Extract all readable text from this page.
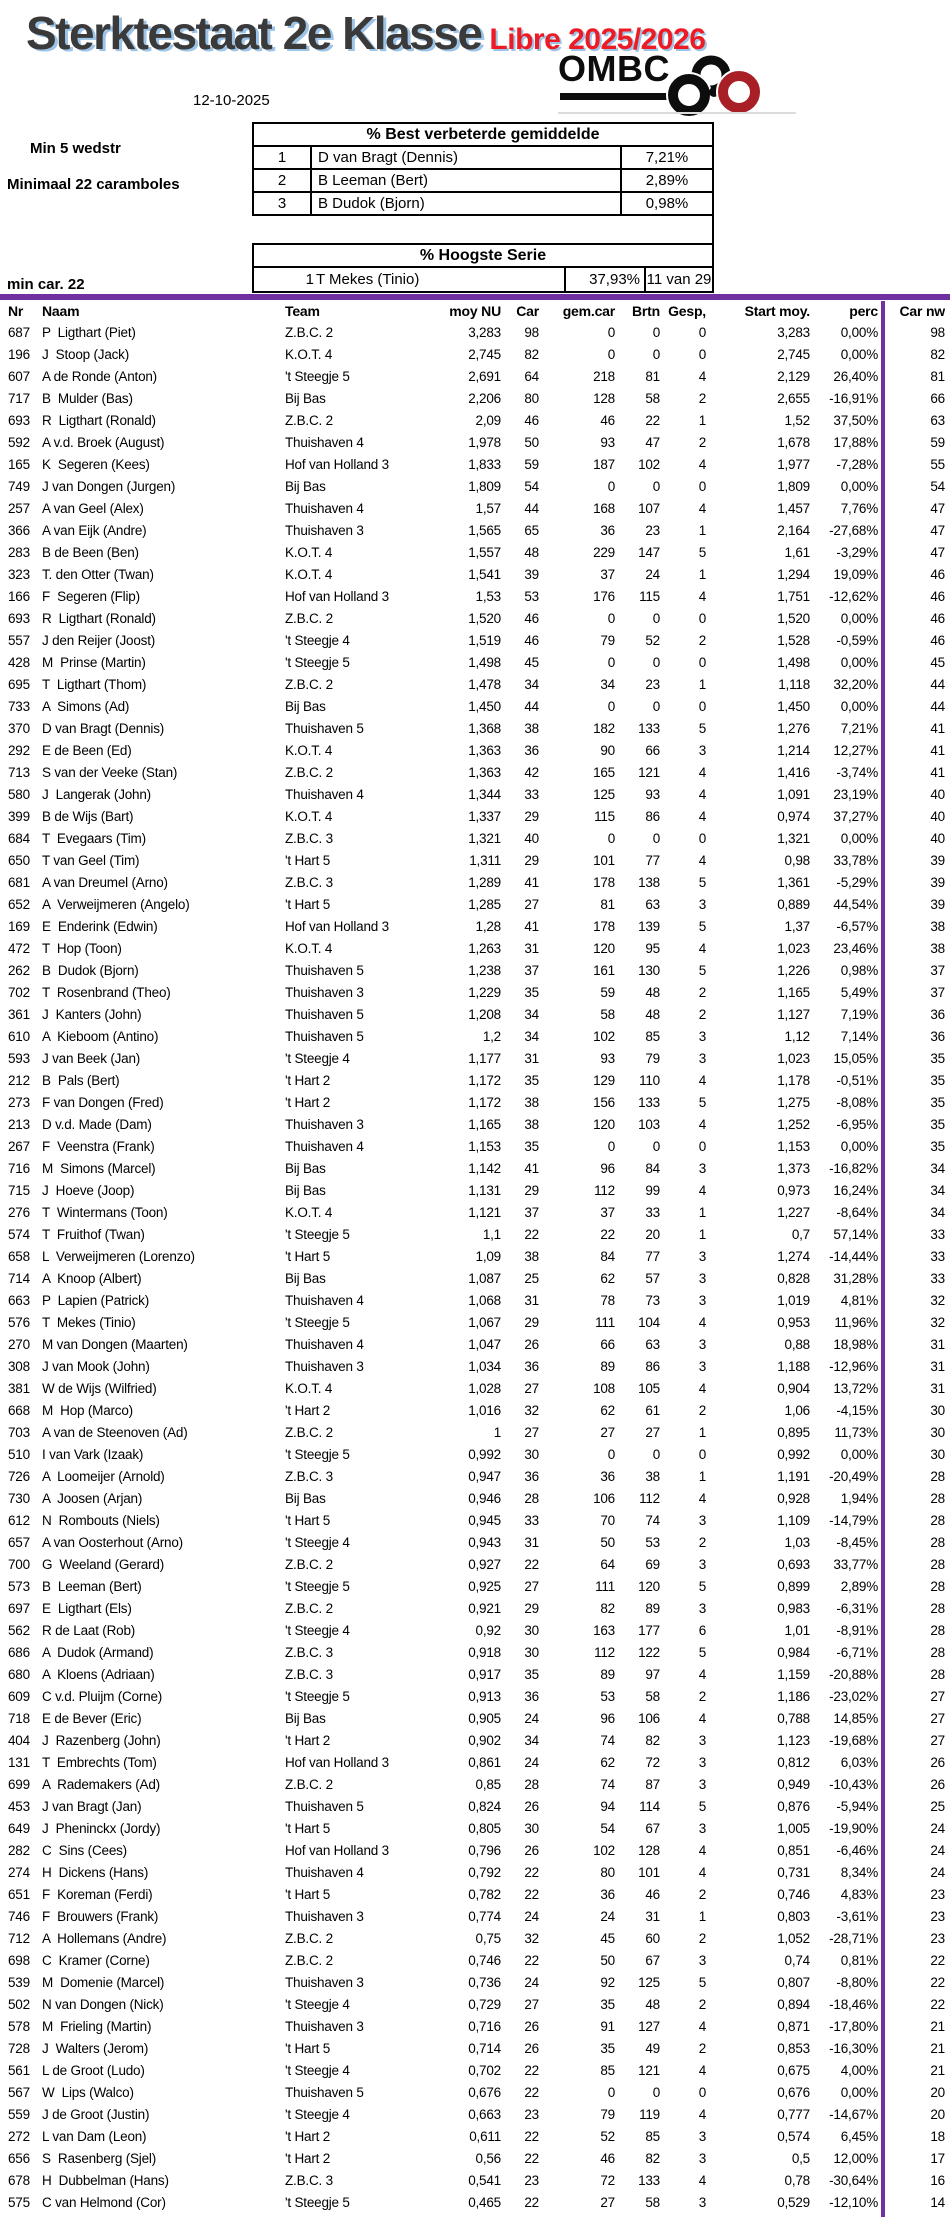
Sterktestaat 2e Klasse Libre 2025/2026
12-10-2025
Min 5 wedstr
Minimaal 22 caramboles
min car. 22
OMBC
% Best verbeterde gemiddelde
1	D van Bragt (Dennis)	7,21%
2	B Leeman (Bert)	2,89%
3	B Dudok (Bjorn)	0,98%
% Hoogste Serie
1 T Mekes (Tinio)	37,93% 11 van 29
Nr	Naam	Team	moy NU	Car	gem.car	Brtn Gesp,	Start moy.	perc	Car nw
687 P  Ligthart (Piet)	Z.B.C. 2	3,283	98	0	0	0	3,283	0,00%	98
196 J  Stoop (Jack)	K.O.T. 4	2,745	82	0	0	0	2,745	0,00%	82
607 A de Ronde (Anton)	't Steegje 5	2,691	64	218	81	4	2,129	26,40%	81
717 B  Mulder (Bas)	Bij Bas	2,206	80	128	58	2	2,655	-16,91%	66
693 R  Ligthart (Ronald)	Z.B.C. 2	2,09	46	46	22	1	1,52	37,50%	63
592 A v.d. Broek (August)	Thuishaven 4	1,978	50	93	47	2	1,678	17,88%	59
165 K  Segeren (Kees)	Hof van Holland 3	1,833	59	187	102	4	1,977	-7,28%	55
749 J van Dongen (Jurgen)	Bij Bas	1,809	54	0	0	0	1,809	0,00%	54
257 A van Geel (Alex)	Thuishaven 4	1,57	44	168	107	4	1,457	7,76%	47
366 A van Eijk (Andre)	Thuishaven 3	1,565	65	36	23	1	2,164	-27,68%	47
283 B de Been (Ben)	K.O.T. 4	1,557	48	229	147	5	1,61	-3,29%	47
323 T. den Otter (Twan)	K.O.T. 4	1,541	39	37	24	1	1,294	19,09%	46
166 F  Segeren (Flip)	Hof van Holland 3	1,53	53	176	115	4	1,751	-12,62%	46
693 R  Ligthart (Ronald)	Z.B.C. 2	1,520	46	0	0	0	1,520	0,00%	46
557 J den Reijer (Joost)	't Steegje 4	1,519	46	79	52	2	1,528	-0,59%	46
428 M  Prinse (Martin)	't Steegje 5	1,498	45	0	0	0	1,498	0,00%	45
695 T  Ligthart (Thom)	Z.B.C. 2	1,478	34	34	23	1	1,118	32,20%	44
733 A  Simons (Ad)	Bij Bas	1,450	44	0	0	0	1,450	0,00%	44
370 D van Bragt (Dennis)	Thuishaven 5	1,368	38	182	133	5	1,276	7,21%	41
292 E de Been (Ed)	K.O.T. 4	1,363	36	90	66	3	1,214	12,27%	41
713 S van der Veeke (Stan)	Z.B.C. 2	1,363	42	165	121	4	1,416	-3,74%	41
580 J  Langerak (John)	Thuishaven 4	1,344	33	125	93	4	1,091	23,19%	40
399 B de Wijs (Bart)	K.O.T. 4	1,337	29	115	86	4	0,974	37,27%	40
684 T  Evegaars (Tim)	Z.B.C. 3	1,321	40	0	0	0	1,321	0,00%	40
650 T van Geel (Tim)	't Hart 5	1,311	29	101	77	4	0,98	33,78%	39
681 A van Dreumel (Arno)	Z.B.C. 3	1,289	41	178	138	5	1,361	-5,29%	39
652 A  Verweijmeren (Angelo)	't Hart 5	1,285	27	81	63	3	0,889	44,54%	39
169 E  Enderink (Edwin)	Hof van Holland 3	1,28	41	178	139	5	1,37	-6,57%	38
472 T  Hop (Toon)	K.O.T. 4	1,263	31	120	95	4	1,023	23,46%	38
262 B  Dudok (Bjorn)	Thuishaven 5	1,238	37	161	130	5	1,226	0,98%	37
702 T  Rosenbrand (Theo)	Thuishaven 3	1,229	35	59	48	2	1,165	5,49%	37
361 J  Kanters (John)	Thuishaven 5	1,208	34	58	48	2	1,127	7,19%	36
610 A  Kieboom (Antino)	Thuishaven 5	1,2	34	102	85	3	1,12	7,14%	36
593 J van Beek (Jan)	't Steegje 4	1,177	31	93	79	3	1,023	15,05%	35
212 B  Pals (Bert)	't Hart 2	1,172	35	129	110	4	1,178	-0,51%	35
273 F van Dongen (Fred)	't Hart 2	1,172	38	156	133	5	1,275	-8,08%	35
213 D v.d. Made (Dam)	Thuishaven 3	1,165	38	120	103	4	1,252	-6,95%	35
267 F  Veenstra (Frank)	Thuishaven 4	1,153	35	0	0	0	1,153	0,00%	35
716 M  Simons (Marcel)	Bij Bas	1,142	41	96	84	3	1,373	-16,82%	34
715 J  Hoeve (Joop)	Bij Bas	1,131	29	112	99	4	0,973	16,24%	34
276 T  Wintermans (Toon)	K.O.T. 4	1,121	37	37	33	1	1,227	-8,64%	34
574 T  Fruithof (Twan)	't Steegje 5	1,1	22	22	20	1	0,7	57,14%	33
658 L  Verweijmeren (Lorenzo)	't Hart 5	1,09	38	84	77	3	1,274	-14,44%	33
714 A  Knoop (Albert)	Bij Bas	1,087	25	62	57	3	0,828	31,28%	33
663 P  Lapien (Patrick)	Thuishaven 4	1,068	31	78	73	3	1,019	4,81%	32
576 T  Mekes (Tinio)	't Steegje 5	1,067	29	111	104	4	0,953	11,96%	32
270 M van Dongen (Maarten)	Thuishaven 4	1,047	26	66	63	3	0,88	18,98%	31
308 J van Mook (John)	Thuishaven 3	1,034	36	89	86	3	1,188	-12,96%	31
381 W de Wijs (Wilfried)	K.O.T. 4	1,028	27	108	105	4	0,904	13,72%	31
668 M  Hop (Marco)	't Hart 2	1,016	32	62	61	2	1,06	-4,15%	30
703 A van de Steenoven (Ad)	Z.B.C. 2	1	27	27	27	1	0,895	11,73%	30
510 I van Vark (Izaak)	't Steegje 5	0,992	30	0	0	0	0,992	0,00%	30
726 A  Loomeijer (Arnold)	Z.B.C. 3	0,947	36	36	38	1	1,191	-20,49%	28
730 A  Joosen (Arjan)	Bij Bas	0,946	28	106	112	4	0,928	1,94%	28
612 N  Rombouts (Niels)	't Hart 5	0,945	33	70	74	3	1,109	-14,79%	28
657 A van Oosterhout (Arno)	't Steegje 4	0,943	31	50	53	2	1,03	-8,45%	28
700 G  Weeland (Gerard)	Z.B.C. 2	0,927	22	64	69	3	0,693	33,77%	28
573 B  Leeman (Bert)	't Steegje 5	0,925	27	111	120	5	0,899	2,89%	28
697 E  Ligthart (Els)	Z.B.C. 2	0,921	29	82	89	3	0,983	-6,31%	28
562 R de Laat (Rob)	't Steegje 4	0,92	30	163	177	6	1,01	-8,91%	28
686 A  Dudok (Armand)	Z.B.C. 3	0,918	30	112	122	5	0,984	-6,71%	28
680 A  Kloens (Adriaan)	Z.B.C. 3	0,917	35	89	97	4	1,159	-20,88%	28
609 C v.d. Pluijm (Corne)	't Steegje 5	0,913	36	53	58	2	1,186	-23,02%	27
718 E de Bever (Eric)	Bij Bas	0,905	24	96	106	4	0,788	14,85%	27
404 J  Razenberg (John)	't Hart 2	0,902	34	74	82	3	1,123	-19,68%	27
131 T  Embrechts (Tom)	Hof van Holland 3	0,861	24	62	72	3	0,812	6,03%	26
699 A  Rademakers (Ad)	Z.B.C. 2	0,85	28	74	87	3	0,949	-10,43%	26
453 J van Bragt (Jan)	Thuishaven 5	0,824	26	94	114	5	0,876	-5,94%	25
649 J  Pheninckx (Jordy)	't Hart 5	0,805	30	54	67	3	1,005	-19,90%	24
282 C  Sins (Cees)	Hof van Holland 3	0,796	26	102	128	4	0,851	-6,46%	24
274 H  Dickens (Hans)	Thuishaven 4	0,792	22	80	101	4	0,731	8,34%	24
651 F  Koreman (Ferdi)	't Hart 5	0,782	22	36	46	2	0,746	4,83%	23
746 F  Brouwers (Frank)	Thuishaven 3	0,774	24	24	31	1	0,803	-3,61%	23
712 A  Hollemans (Andre)	Z.B.C. 2	0,75	32	45	60	2	1,052	-28,71%	23
698 C  Kramer (Corne)	Z.B.C. 2	0,746	22	50	67	3	0,74	0,81%	22
539 M  Domenie (Marcel)	Thuishaven 3	0,736	24	92	125	5	0,807	-8,80%	22
502 N van Dongen (Nick)	't Steegje 4	0,729	27	35	48	2	0,894	-18,46%	22
578 M  Frieling (Martin)	Thuishaven 3	0,716	26	91	127	4	0,871	-17,80%	21
728 J  Walters (Jerom)	't Hart 5	0,714	26	35	49	2	0,853	-16,30%	21
561 L de Groot (Ludo)	't Steegje 4	0,702	22	85	121	4	0,675	4,00%	21
567 W  Lips (Walco)	Thuishaven 5	0,676	22	0	0	0	0,676	0,00%	20
559 J de Groot (Justin)	't Steegje 4	0,663	23	79	119	4	0,777	-14,67%	20
272 L van Dam (Leon)	't Hart 2	0,611	22	52	85	3	0,574	6,45%	18
656 S  Rasenberg (Sjel)	't Hart 2	0,56	22	46	82	3	0,5	12,00%	17
678 H  Dubbelman (Hans)	Z.B.C. 3	0,541	23	72	133	4	0,78	-30,64%	16
575 C van Helmond (Cor)	't Steegje 5	0,465	22	27	58	3	0,529	-12,10%	14
